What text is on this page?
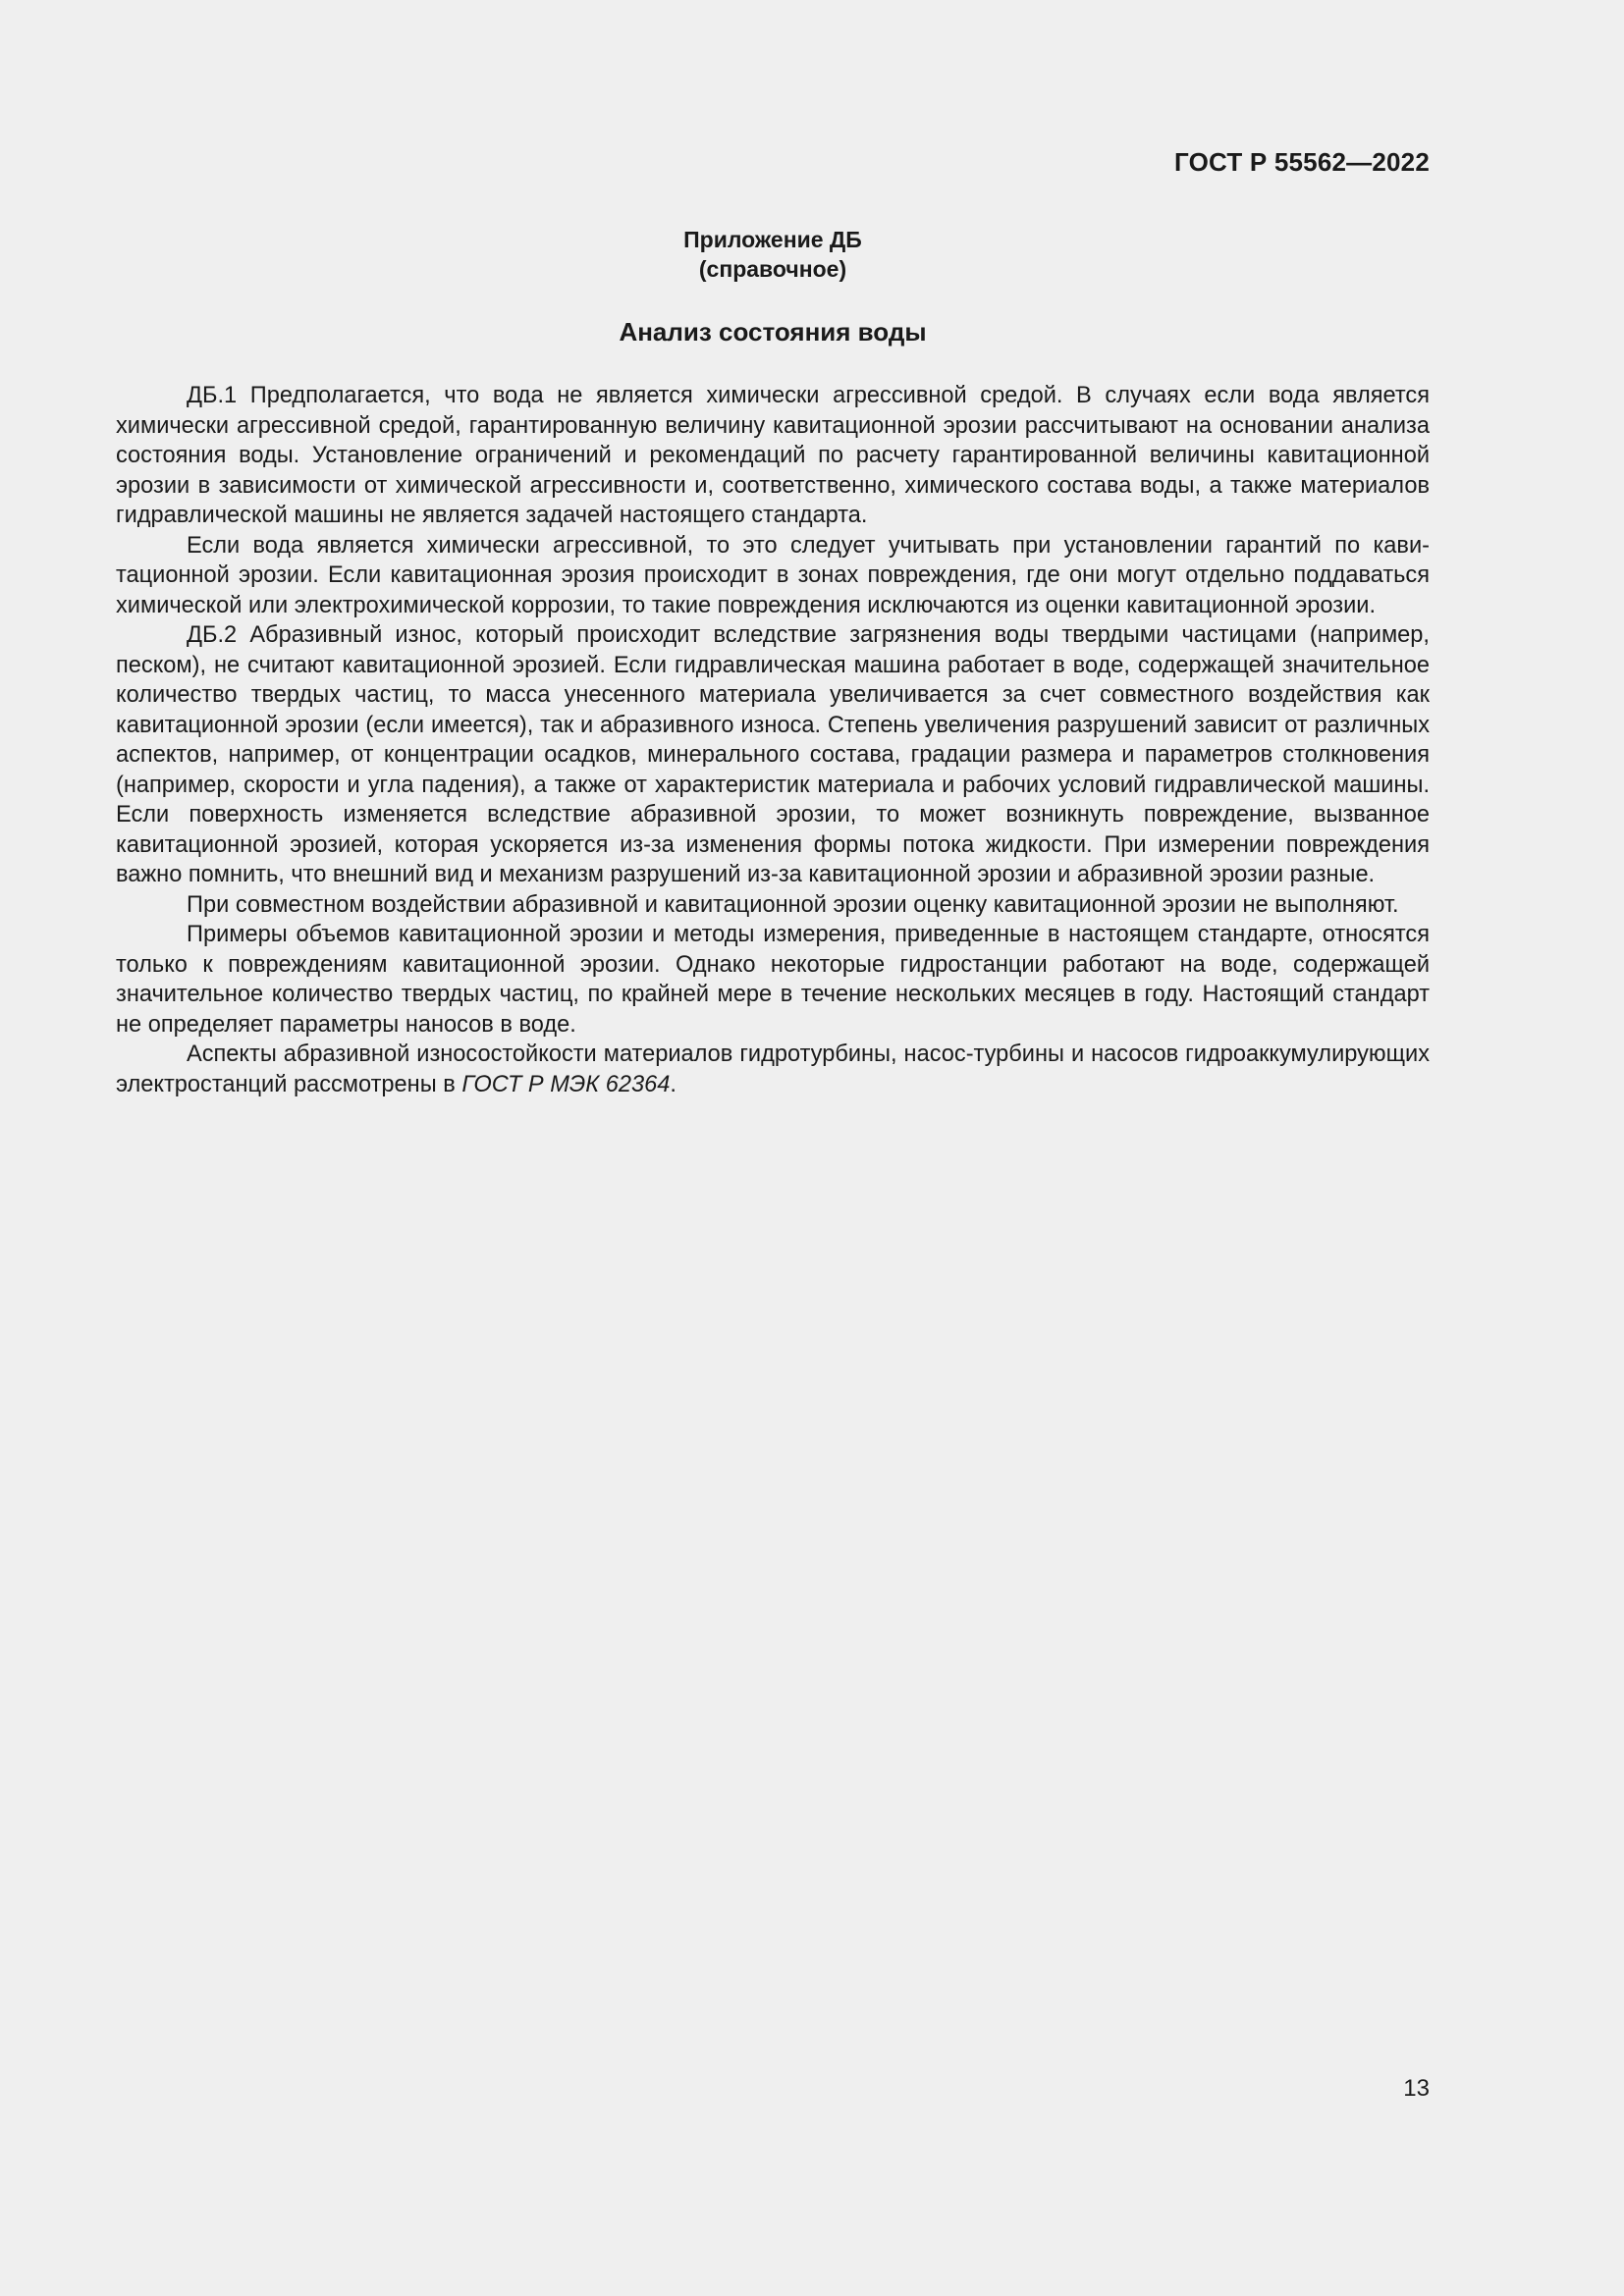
ГОСТ Р 55562—2022
Приложение ДБ
(справочное)
Анализ состояния воды

ДБ.1 Предполагается, что вода не является химически агрессивной средой. В случаях если вода является химически агрессивной средой, гарантированную величину кавитационной эрозии рассчитывают на основании анализа состояния воды. Установление ограничений и рекомендаций по расчету гарантированной величины кавитационной эрозии в зависимости от химической агрессивности и, соответственно, химического состава воды, а также материалов гидравлической машины не является задачей настоящего стандарта.

Если вода является химически агрессивной, то это следует учитывать при установлении гарантий по кавитационной эрозии. Если кавитационная эрозия происходит в зонах повреждения, где они могут отдельно поддаваться химической или электрохимической коррозии, то такие повреждения исключаются из оценки кавитационной эрозии.

ДБ.2 Абразивный износ, который происходит вследствие загрязнения воды твердыми частицами (например, песком), не считают кавитационной эрозией. Если гидравлическая машина работает в воде, содержащей значительное количество твердых частиц, то масса унесенного материала увеличивается за счет совместного воздействия как кавитационной эрозии (если имеется), так и абразивного износа. Степень увеличения разрушений зависит от различных аспектов, например, от концентрации осадков, минерального состава, градации размера и параметров столкновения (например, скорости и угла падения), а также от характеристик материала и рабочих условий гидравлической машины. Если поверхность изменяется вследствие абразивной эрозии, то может возникнуть повреждение, вызванное кавитационной эрозией, которая ускоряется из-за изменения формы потока жидкости. При измерении повреждения важно помнить, что внешний вид и механизм разрушений из-за кавитационной эрозии и абразивной эрозии разные.

При совместном воздействии абразивной и кавитационной эрозии оценку кавитационной эрозии не выполняют.

Примеры объемов кавитационной эрозии и методы измерения, приведенные в настоящем стандарте, относятся только к повреждениям кавитационной эрозии. Однако некоторые гидростанции работают на воде, содержащей значительное количество твердых частиц, по крайней мере в течение нескольких месяцев в году. Настоящий стандарт не определяет параметры наносов в воде.

Аспекты абразивной износостойкости материалов гидротурбины, насос-турбины и насосов гидроаккумулирующих электростанций рассмотрены в ГОСТ Р МЭК 62364.

13
